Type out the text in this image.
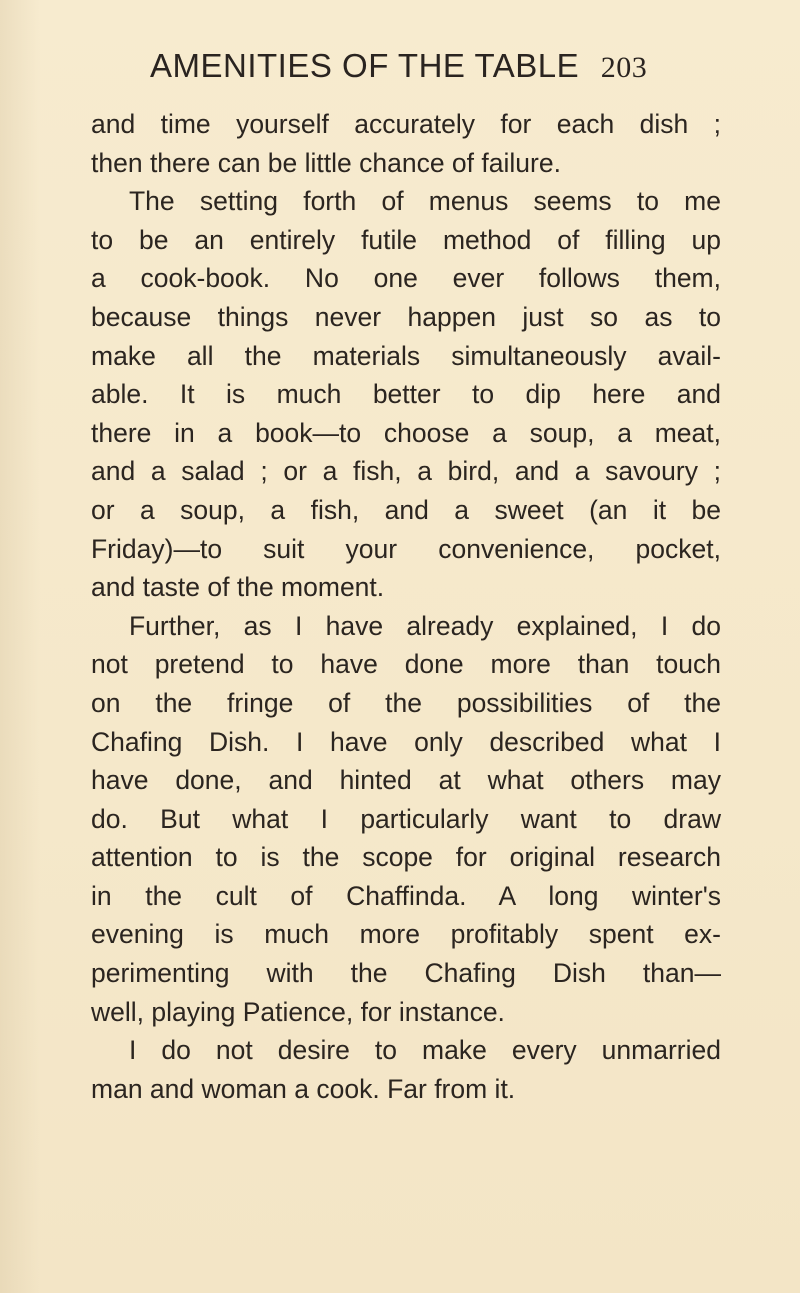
AMENITIES OF THE TABLE 203
and time yourself accurately for each dish ;
then there can be little chance of failure.
The setting forth of menus seems to me
to be an entirely futile method of filling up
a cook-book. No one ever follows them,
because things never happen just so as to
make all the materials simultaneously avail-
able. It is much better to dip here and
there in a book—to choose a soup, a meat,
and a salad ; or a fish, a bird, and a savoury ;
or a soup, a fish, and a sweet (an it be
Friday)—to suit your convenience, pocket,
and taste of the moment.
Further, as I have already explained, I do
not pretend to have done more than touch
on the fringe of the possibilities of the
Chafing Dish. I have only described what I
have done, and hinted at what others may
do. But what I particularly want to draw
attention to is the scope for original research
in the cult of Chaffinda. A long winter's
evening is much more profitably spent ex-
perimenting with the Chafing Dish than—
well, playing Patience, for instance.
I do not desire to make every unmarried
man and woman a cook. Far from it.
